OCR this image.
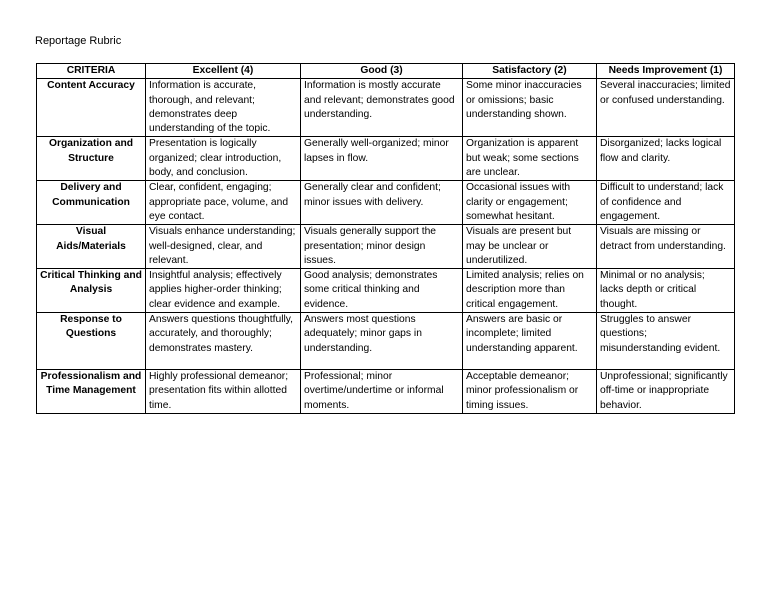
Reportage Rubric
CRITERIA	Excellent (4)	Good (3)	Satisfactory (2)	Needs Improvement (1)
Content Accuracy	Information is accurate, thorough, and relevant; demonstrates deep understanding of the topic.	Information is mostly accurate and relevant; demonstrates good understanding.	Some minor inaccuracies or omissions; basic understanding shown.	Several inaccuracies; limited or confused understanding.
Organization and Structure	Presentation is logically organized; clear introduction, body, and conclusion.	Generally well-organized; minor lapses in flow.	Organization is apparent but weak; some sections are unclear.	Disorganized; lacks logical flow and clarity.
Delivery and Communication	Clear, confident, engaging; appropriate pace, volume, and eye contact.	Generally clear and confident; minor issues with delivery.	Occasional issues with clarity or engagement; somewhat hesitant.	Difficult to understand; lack of confidence and engagement.
Visual Aids/Materials	Visuals enhance understanding; well-designed, clear, and relevant.	Visuals generally support the presentation; minor design issues.	Visuals are present but may be unclear or underutilized.	Visuals are missing or detract from understanding.
Critical Thinking and Analysis	Insightful analysis; effectively applies higher-order thinking; clear evidence and example.	Good analysis; demonstrates some critical thinking and evidence.	Limited analysis; relies on description more than critical engagement.	Minimal or no analysis; lacks depth or critical thought.
Response to Questions	Answers questions thoughtfully, accurately, and thoroughly; demonstrates mastery.	Answers most questions adequately; minor gaps in understanding.	Answers are basic or incomplete; limited understanding apparent.	Struggles to answer questions; misunderstanding evident.
Professionalism and Time Management	Highly professional demeanor; presentation fits within allotted time.	Professional; minor overtime/undertime or informal moments.	Acceptable demeanor; minor professionalism or timing issues.	Unprofessional; significantly off-time or inappropriate behavior.
